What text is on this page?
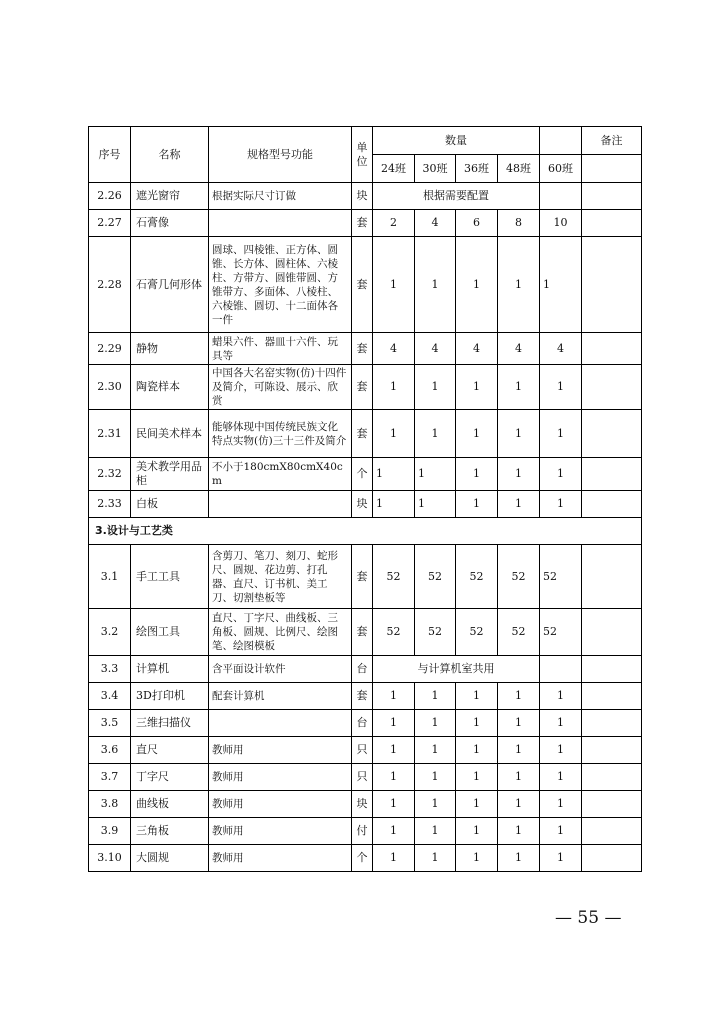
序号	名称	规格型号功能	单位	数量					备注
				24班	30班	36班	48班	60班	
2.26	遮光窗帘	根据实际尺寸订做	块	根据需要配置					
2.27	石膏像		套	2	4	6	8	10	
2.28	石膏几何形体	圆球、四棱锥、正方体、圆锥、长方体、圆柱体、六棱柱、方带方、圆锥带圆、方锥带方、多面体、八棱柱、六棱锥、圆切、十二面体各一件	套	1	1	1	1	1	
2.29	静物	蜡果六件、器皿十六件、玩具等	套	4	4	4	4	4	
2.30	陶瓷样本	中国各大名窑实物(仿)十四件及简介，可陈设、展示、欣赏	套	1	1	1	1	1	
2.31	民间美术样本	能够体现中国传统民族文化特点实物(仿)三十三件及简介	套	1	1	1	1	1	
2.32	美术教学用品柜	不小于180cmX80cmX40cm	个	1	1	1	1	1	
2.33	白板		块	1	1	1	1	1	
3.设计与工艺类									
3.1	手工工具	含剪刀、笔刀、刻刀、蛇形尺、圆规、花边剪、打孔器、直尺、订书机、美工刀、切割垫板等	套	52	52	52	52	52	
3.2	绘图工具	直尺、丁字尺、曲线板、三角板、圆规、比例尺、绘图笔、绘图模板	套	52	52	52	52	52	
3.3	计算机	含平面设计软件	台	与计算机室共用					
3.4	3D打印机	配套计算机	套	1	1	1	1	1	
3.5	三维扫描仪		台	1	1	1	1	1	
3.6	直尺	教师用	只	1	1	1	1	1	
3.7	丁字尺	教师用	只	1	1	1	1	1	
3.8	曲线板	教师用	块	1	1	1	1	1	
3.9	三角板	教师用	付	1	1	1	1	1	
3.10	大圆规	教师用	个	1	1	1	1	1	
— 55 —
